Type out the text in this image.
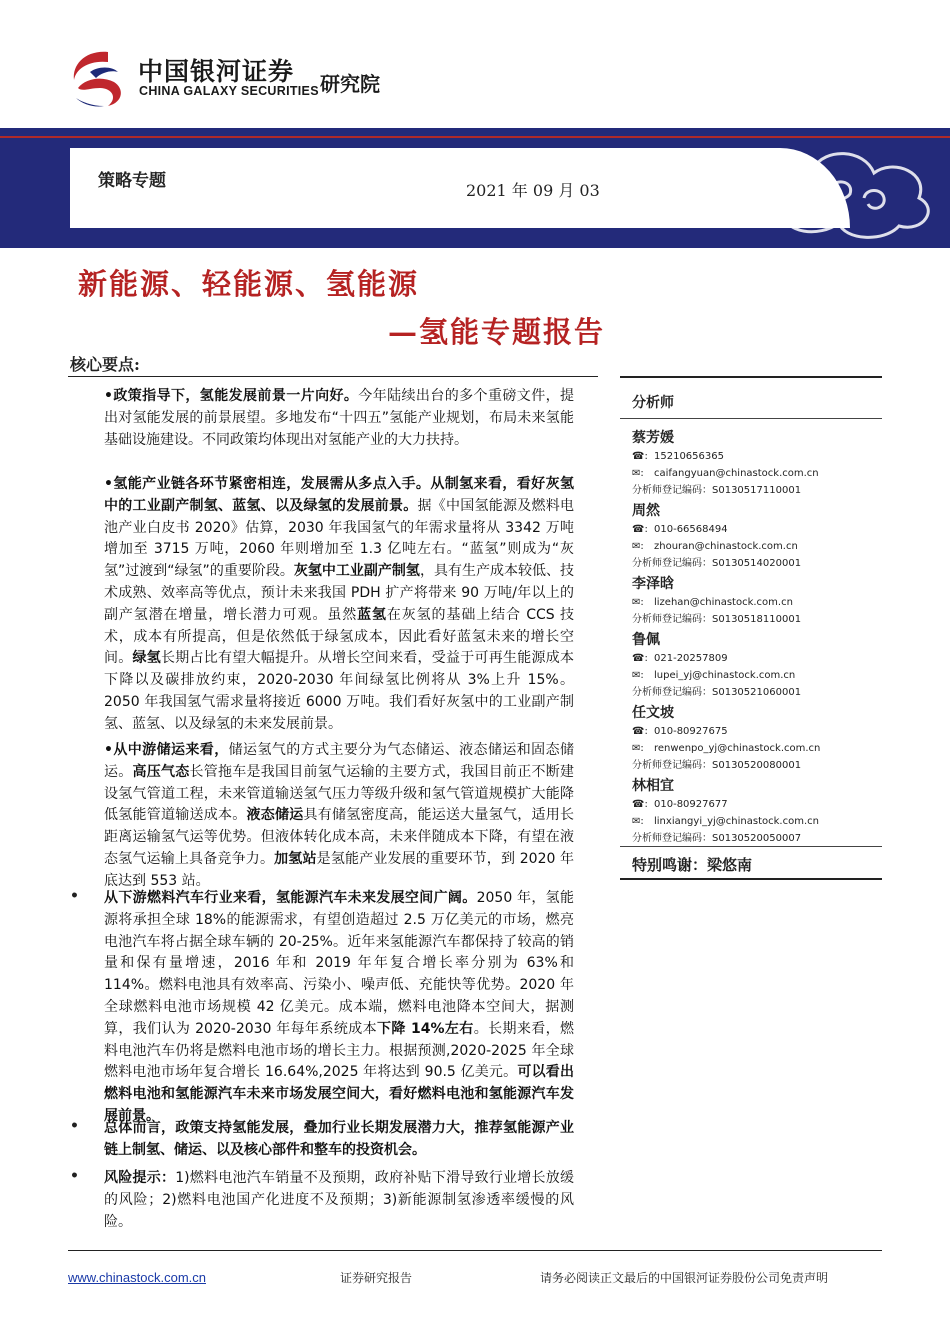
中国银河证券
CHINA GALAXY SECURITIES 研究院
策略专题	2021 年 09 月 03
新能源、轻能源、氢能源
—氢能专题报告
核心要点:
•政策指导下，氢能发展前景一片向好。今年陆续出台的多个重磅文件，提出对氢能发展的前景展望。多地发布“十四五”氢能产业规划，布局未来氢能基础设施建设。不同政策均体现出对氢能产业的大力扶持。
•氢能产业链各环节紧密相连，发展需从多点入手。从制氢来看，看好灰氢中的工业副产制氢、蓝氢、以及绿氢的发展前景。据《中国氢能源及燃料电池产业白皮书 2020》估算，2030 年我国氢气的年需求量将从 3342 万吨增加至 3715 万吨，2060 年则增加至 1.3 亿吨左右。“蓝氢”则成为“灰氢”过渡到“绿氢”的重要阶段。灰氢中工业副产制氢，具有生产成本较低、技术成熟、效率高等优点，预计未来我国 PDH 扩产将带来 90 万吨/年以上的副产氢潜在增量，增长潜力可观。虽然蓝氢在灰氢的基础上结合 CCS 技术，成本有所提高，但是依然低于绿氢成本，因此看好蓝氢未来的增长空间。绿氢长期占比有望大幅提升。从增长空间来看，受益于可再生能源成本下降以及碳排放约束，2020-2030 年间绿氢比例将从 3%上升 15%。2050 年我国氢气需求量将接近 6000 万吨。我们看好灰氢中的工业副产制氢、蓝氢、以及绿氢的未来发展前景。
•从中游储运来看，储运氢气的方式主要分为气态储运、液态储运和固态储运。高压气态长管拖车是我国目前氢气运输的主要方式，我国目前正不断建设氢气管道工程，未来管道输送氢气压力等级升级和氢气管道规模扩大能降低氢能管道输送成本。液态储运具有储氢密度高，能运送大量氢气，适用长距离运输氢气运等优势。但液体转化成本高，未来伴随成本下降，有望在液态氢气运输上具备竞争力。加氢站是氢能产业发展的重要环节，到 2020 年底达到 553 站。
• 从下游燃料汽车行业来看，氢能源汽车未来发展空间广阔。2050 年，氢能源将承担全球 18%的能源需求，有望创造超过 2.5 万亿美元的市场，燃亮电池汽车将占据全球车辆的 20-25%。近年来氢能源汽车都保持了较高的销量和保有量增速，2016 年和 2019 年年复合增长率分别为 63%和 114%。燃料电池具有效率高、污染小、噪声低、充能快等优势。2020 年全球燃料电池市场规模 42 亿美元。成本端，燃料电池降本空间大，据测算，我们认为 2020-2030 年每年系统成本下降 14%左右。长期来看，燃料电池汽车仍将是燃料电池市场的增长主力。根据预测,2020-2025 年全球燃料电池市场年复合增长 16.64%,2025 年将达到 90.5 亿美元。可以看出燃料电池和氢能源汽车未来市场发展空间大，看好燃料电池和氢能源汽车发展前景。
• 总体而言，政策支持氢能发展，叠加行业长期发展潜力大，推荐氢能源产业链上制氢、储运、以及核心部件和整车的投资机会。
• 风险提示：1)燃料电池汽车销量不及预期，政府补贴下滑导致行业增长放缓的风险；2)燃料电池国产化进度不及预期；3)新能源制氢渗透率缓慢的风险。
分析师
蔡芳媛
☎: 15210656365
✉: caifangyuan@chinastock.com.cn
分析师登记编码：S0130517110001
周然
☎: 010-66568494
✉: zhouran@chinastock.com.cn
分析师登记编码：S0130514020001
李泽晗
✉: lizehan@chinastock.com.cn
分析师登记编码：S0130518110001
鲁佩
☎: 021-20257809
✉: lupei_yj@chinastock.com.cn
分析师登记编码：S0130521060001
任文坡
☎: 010-80927675
✉: renwenpo_yj@chinastock.com.cn
分析师登记编码：S0130520080001
林相宜
☎: 010-80927677
✉: linxiangyi_yj@chinastock.com.cn
分析师登记编码：S0130520050007
特别鸣谢：梁悠南
www.chinastock.com.cn	证券研究报告	请务必阅读正文最后的中国银河证券股份公司免责声明
